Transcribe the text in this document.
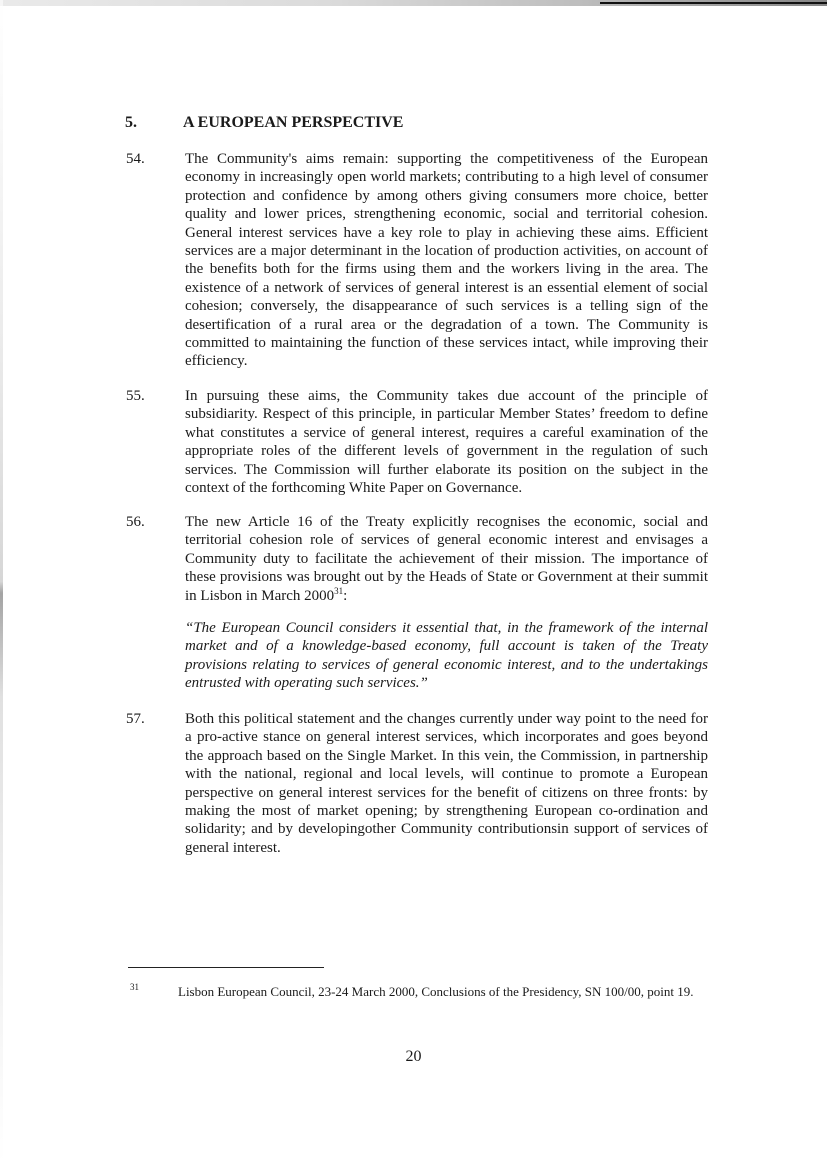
5.	A EUROPEAN PERSPECTIVE
54.	The Community's aims remain: supporting the competitiveness of the European economy in increasingly open world markets; contributing to a high level of consumer protection and confidence by among others giving consumers more choice, better quality and lower prices, strengthening economic, social and territorial cohesion. General interest services have a key role to play in achieving these aims. Efficient services are a major determinant in the location of production activities, on account of the benefits both for the firms using them and the workers living in the area. The existence of a network of services of general interest is an essential element of social cohesion; conversely, the disappearance of such services is a telling sign of the desertification of a rural area or the degradation of a town. The Community is committed to maintaining the function of these services intact, while improving their efficiency.
55.	In pursuing these aims, the Community takes due account of the principle of subsidiarity. Respect of this principle, in particular Member States’ freedom to define what constitutes a service of general interest, requires a careful examination of the appropriate roles of the different levels of government in the regulation of such services. The Commission will further elaborate its position on the subject in the context of the forthcoming White Paper on Governance.
56.	The new Article 16 of the Treaty explicitly recognises the economic, social and territorial cohesion role of services of general economic interest and envisages a Community duty to facilitate the achievement of their mission. The importance of these provisions was brought out by the Heads of State or Government at their summit in Lisbon in March 2000$^{31}$:
“The European Council considers it essential that, in the framework of the internal market and of a knowledge-based economy, full account is taken of the Treaty provisions relating to services of general economic interest, and to the undertakings entrusted with operating such services.”
57.	Both this political statement and the changes currently under way point to the need for a pro-active stance on general interest services, which incorporates and goes beyond the approach based on the Single Market. In this vein, the Commission, in partnership with the national, regional and local levels, will continue to promote a European perspective on general interest services for the benefit of citizens on three fronts: by making the most of market opening; by strengthening European co-ordination and solidarity; and by developingother Community contributionsin support of services of general interest.
31	Lisbon European Council, 23-24 March 2000, Conclusions of the Presidency, SN 100/00, point 19.
20
